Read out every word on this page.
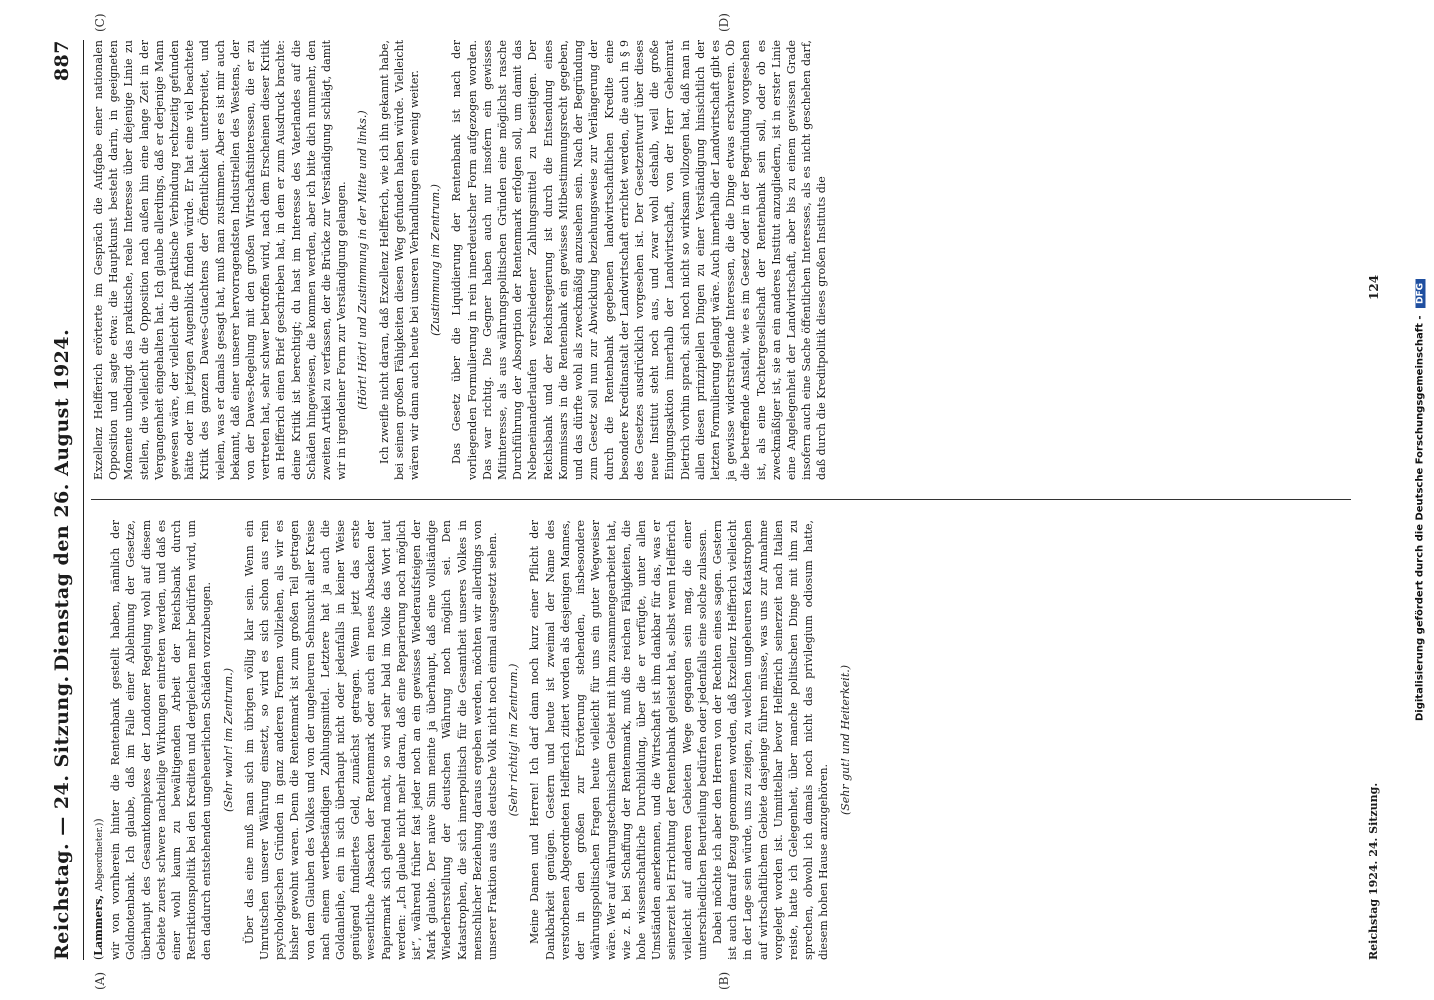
Reichstag. — 24. Sitzung.
Dienstag den 26. August 1924.
887
(A)	(B)
(C)	(D)

(Lammers, Abgeordneter.)) wir von vornherein hinter die Rentenbank gestellt haben, nämlich der Goldnotenbank. Ich glaube, daß im Falle einer Ablehnung der Gesetze, überhaupt des Gesamtkomplexes der Londoner Regelung wohl auf diesem Gebiete zuerst schwere nachteilige Wirkungen eintreten werden, und daß es einer wohl kaum zu bewältigenden Arbeit der Reichsbank durch Restriktionspolitik bei den Krediten und dergleichen mehr bedürfen wird, um den dadurch entstehenden ungeheuerlichen Schäden vorzubeugen. (Sehr wahr! im Zentrum.) Über das eine muß man sich im übrigen völlig klar sein. Wenn ein Umrutschen unserer Währung einsetzt, so wird es sich schon aus rein psychologischen Gründen in ganz anderen Formen vollziehen, als wir es bisher gewohnt waren. Denn die Rentenmark ist zum großen Teil getragen von dem Glauben des Volkes und von der ungeheuren Sehnsucht aller Kreise nach einem wertbeständigen Zahlungsmittel. Letztere hat ja auch die Goldanleihe, ein in sich überhaupt nicht oder jedenfalls in keiner Weise genügend fundiertes Geld, zunächst getragen. Wenn jetzt das erste wesentliche Absacken der Rentenmark oder auch ein neues Absacken der Papiermark sich geltend macht, so wird sehr bald im Volke das Wort laut werden: „Ich glaube nicht mehr daran, daß eine Reparierung noch möglich ist“, während früher fast jeder noch an ein gewisses Wiederaufsteigen der Mark glaubte. Der naive Sinn meinte ja überhaupt, daß eine vollständige Wiederherstellung der deutschen Währung noch möglich sei. Den Katastrophen, die sich innerpolitisch für die Gesamtheit unseres Volkes in menschlicher Beziehung daraus ergeben werden, möchten wir allerdings von unserer Fraktion aus das deutsche Volk nicht noch einmal ausgesetzt sehen. (Sehr richtig! im Zentrum.) Meine Damen und Herren! Ich darf dann noch kurz einer Pflicht der Dankbarkeit genügen. Gestern und heute ist zweimal der Name des verstorbenen Abgeordneten Helfferich zitiert worden als desjenigen Mannes, der in den großen zur Erörterung stehenden, insbesondere währungspolitischen Fragen heute vielleicht für uns ein guter Wegweiser wäre. Wer auf währungstechnischem Gebiet mit ihm zusammengearbeitet hat, wie z. B. bei Schaffung der Rentenmark, muß die reichen Fähigkeiten, die hohe wissenschaftliche Durchbildung, über die er verfügte, unter allen Umständen anerkennen, und die Wirtschaft ist ihm dankbar für das, was er seinerzeit bei Errichtung der Rentenbank geleistet hat, selbst wenn Helfferich vielleicht auf anderen Gebieten Wege gegangen sein mag, die einer unterschiedlichen Beurteilung bedürfen oder jedenfalls eine solche zulassen. Dabei möchte ich aber den Herren von der Rechten eines sagen. Gestern ist auch darauf Bezug genommen worden, daß Exzellenz Helfferich vielleicht in der Lage sein würde, uns zu zeigen, zu welchen ungeheuren Katastrophen auf wirtschaftlichem Gebiete dasjenige führen müsse, was uns zur Annahme vorgelegt worden ist. Unmittelbar bevor Helfferich seinerzeit nach Italien reiste, hatte ich Gelegenheit, über manche politischen Dinge mit ihm zu sprechen, obwohl ich damals noch nicht das privilegium odiosum hatte, diesem hohen Hause anzugehören.

(Sehr gut! und Heiterkeit.)

Exzellenz Helfferich erörterte im Gespräch die Aufgabe einer nationalen Opposition und sagte etwa: die Hauptkunst besteht darin, in geeigneten Momente unbedingt das praktische, reale Interesse über diejenige Linie zu stellen, die vielleicht die Opposition nach außen hin eine lange Zeit in der Vergangenheit eingehalten hat. Ich glaube allerdings, daß er derjenige Mann gewesen wäre, der vielleicht die praktische Verbindung rechtzeitig gefunden hätte oder im jetzigen Augenblick finden würde. Er hat eine viel beachtete Kritik des ganzen Dawes-Gutachtens der Öffentlichkeit unterbreitet, und vielem, was er damals gesagt hat, muß man zustimmen. Aber es ist mir auch bekannt, daß einer unserer hervorragendsten Industriellen des Westens, der von der Dawes-Regelung mit den großen Wirtschaftsinteressen, die er zu vertreten hat, sehr schwer betroffen wird, nach dem Erscheinen dieser Kritik an Helfferich einen Brief geschrieben hat, in dem er zum Ausdruck brachte: deine Kritik ist berechtigt; du hast im Interesse des Vaterlandes auf die Schäden hingewiesen, die kommen werden, aber ich bitte dich nunmehr, den zweiten Artikel zu verfassen, der die Brücke zur Verständigung schlägt, damit wir in irgendeiner Form zur Verständigung gelangen. (Hört! Hört! und Zustimmung in der Mitte und links.) Ich zweifle nicht daran, daß Exzellenz Helfferich, wie ich ihn gekannt habe, bei seinen großen Fähigkeiten diesen Weg gefunden haben würde. Vielleicht wären wir dann auch heute bei unseren Verhandlungen ein wenig weiter. (Zustimmung im Zentrum.) Das Gesetz über die Liquidierung der Rentenbank ist nach der vorliegenden Formulierung in rein innerdeutscher Form aufgezogen worden. Das war richtig. Die Gegner haben auch nur insofern ein gewisses Mitinteresse, als aus währungspolitischen Gründen eine möglichst rasche Durchführung der Absorption der Rentenmark erfolgen soll, um damit das Nebeneinanderlaufen verschiedener Zahlungsmittel zu beseitigen. Der Reichsbank und der Reichsregierung ist durch die Entsendung eines Kommissars in die Rentenbank ein gewisses Mitbestimmungsrecht gegeben, und das dürfte wohl als zweckmäßig anzusehen sein. Nach der Begründung zum Gesetz soll nun zur Abwicklung beziehungsweise zur Verlängerung der durch die Rentenbank gegebenen landwirtschaftlichen Kredite eine besondere Kreditanstalt der Landwirtschaft errichtet werden, die auch in § 9 des Gesetzes ausdrücklich vorgesehen ist. Der Gesetzentwurf über dieses neue Institut steht noch aus, und zwar wohl deshalb, weil die große Einigungsaktion innerhalb der Landwirtschaft, von der Herr Geheimrat Dietrich vorhin sprach, sich noch nicht so wirksam vollzogen hat, daß man in allen diesen prinzipiellen Dingen zu einer Verständigung hinsichtlich der letzten Formulierung gelangt wäre. Auch innerhalb der Landwirtschaft gibt es ja gewisse widerstreitende Interessen, die die Dinge etwas erschweren. Ob die betreffende Anstalt, wie es im Gesetz oder in der Begründung vorgesehen ist, als eine Tochtergesellschaft der Rentenbank sein soll, oder ob es zweckmäßiger ist, sie an ein anderes Institut anzugliedern, ist in erster Linie eine Angelegenheit der Landwirtschaft, aber bis zu einem gewissen Grade insofern auch eine Sache öffentlichen Interesses, als es nicht geschehen darf, daß durch die Kreditpolitik dieses großen Instituts die

Reichstag 1924. 24. Sitzung.
124
Digitalisierung gefördert durch die Deutsche Forschungsgemeinschaft - DFG
